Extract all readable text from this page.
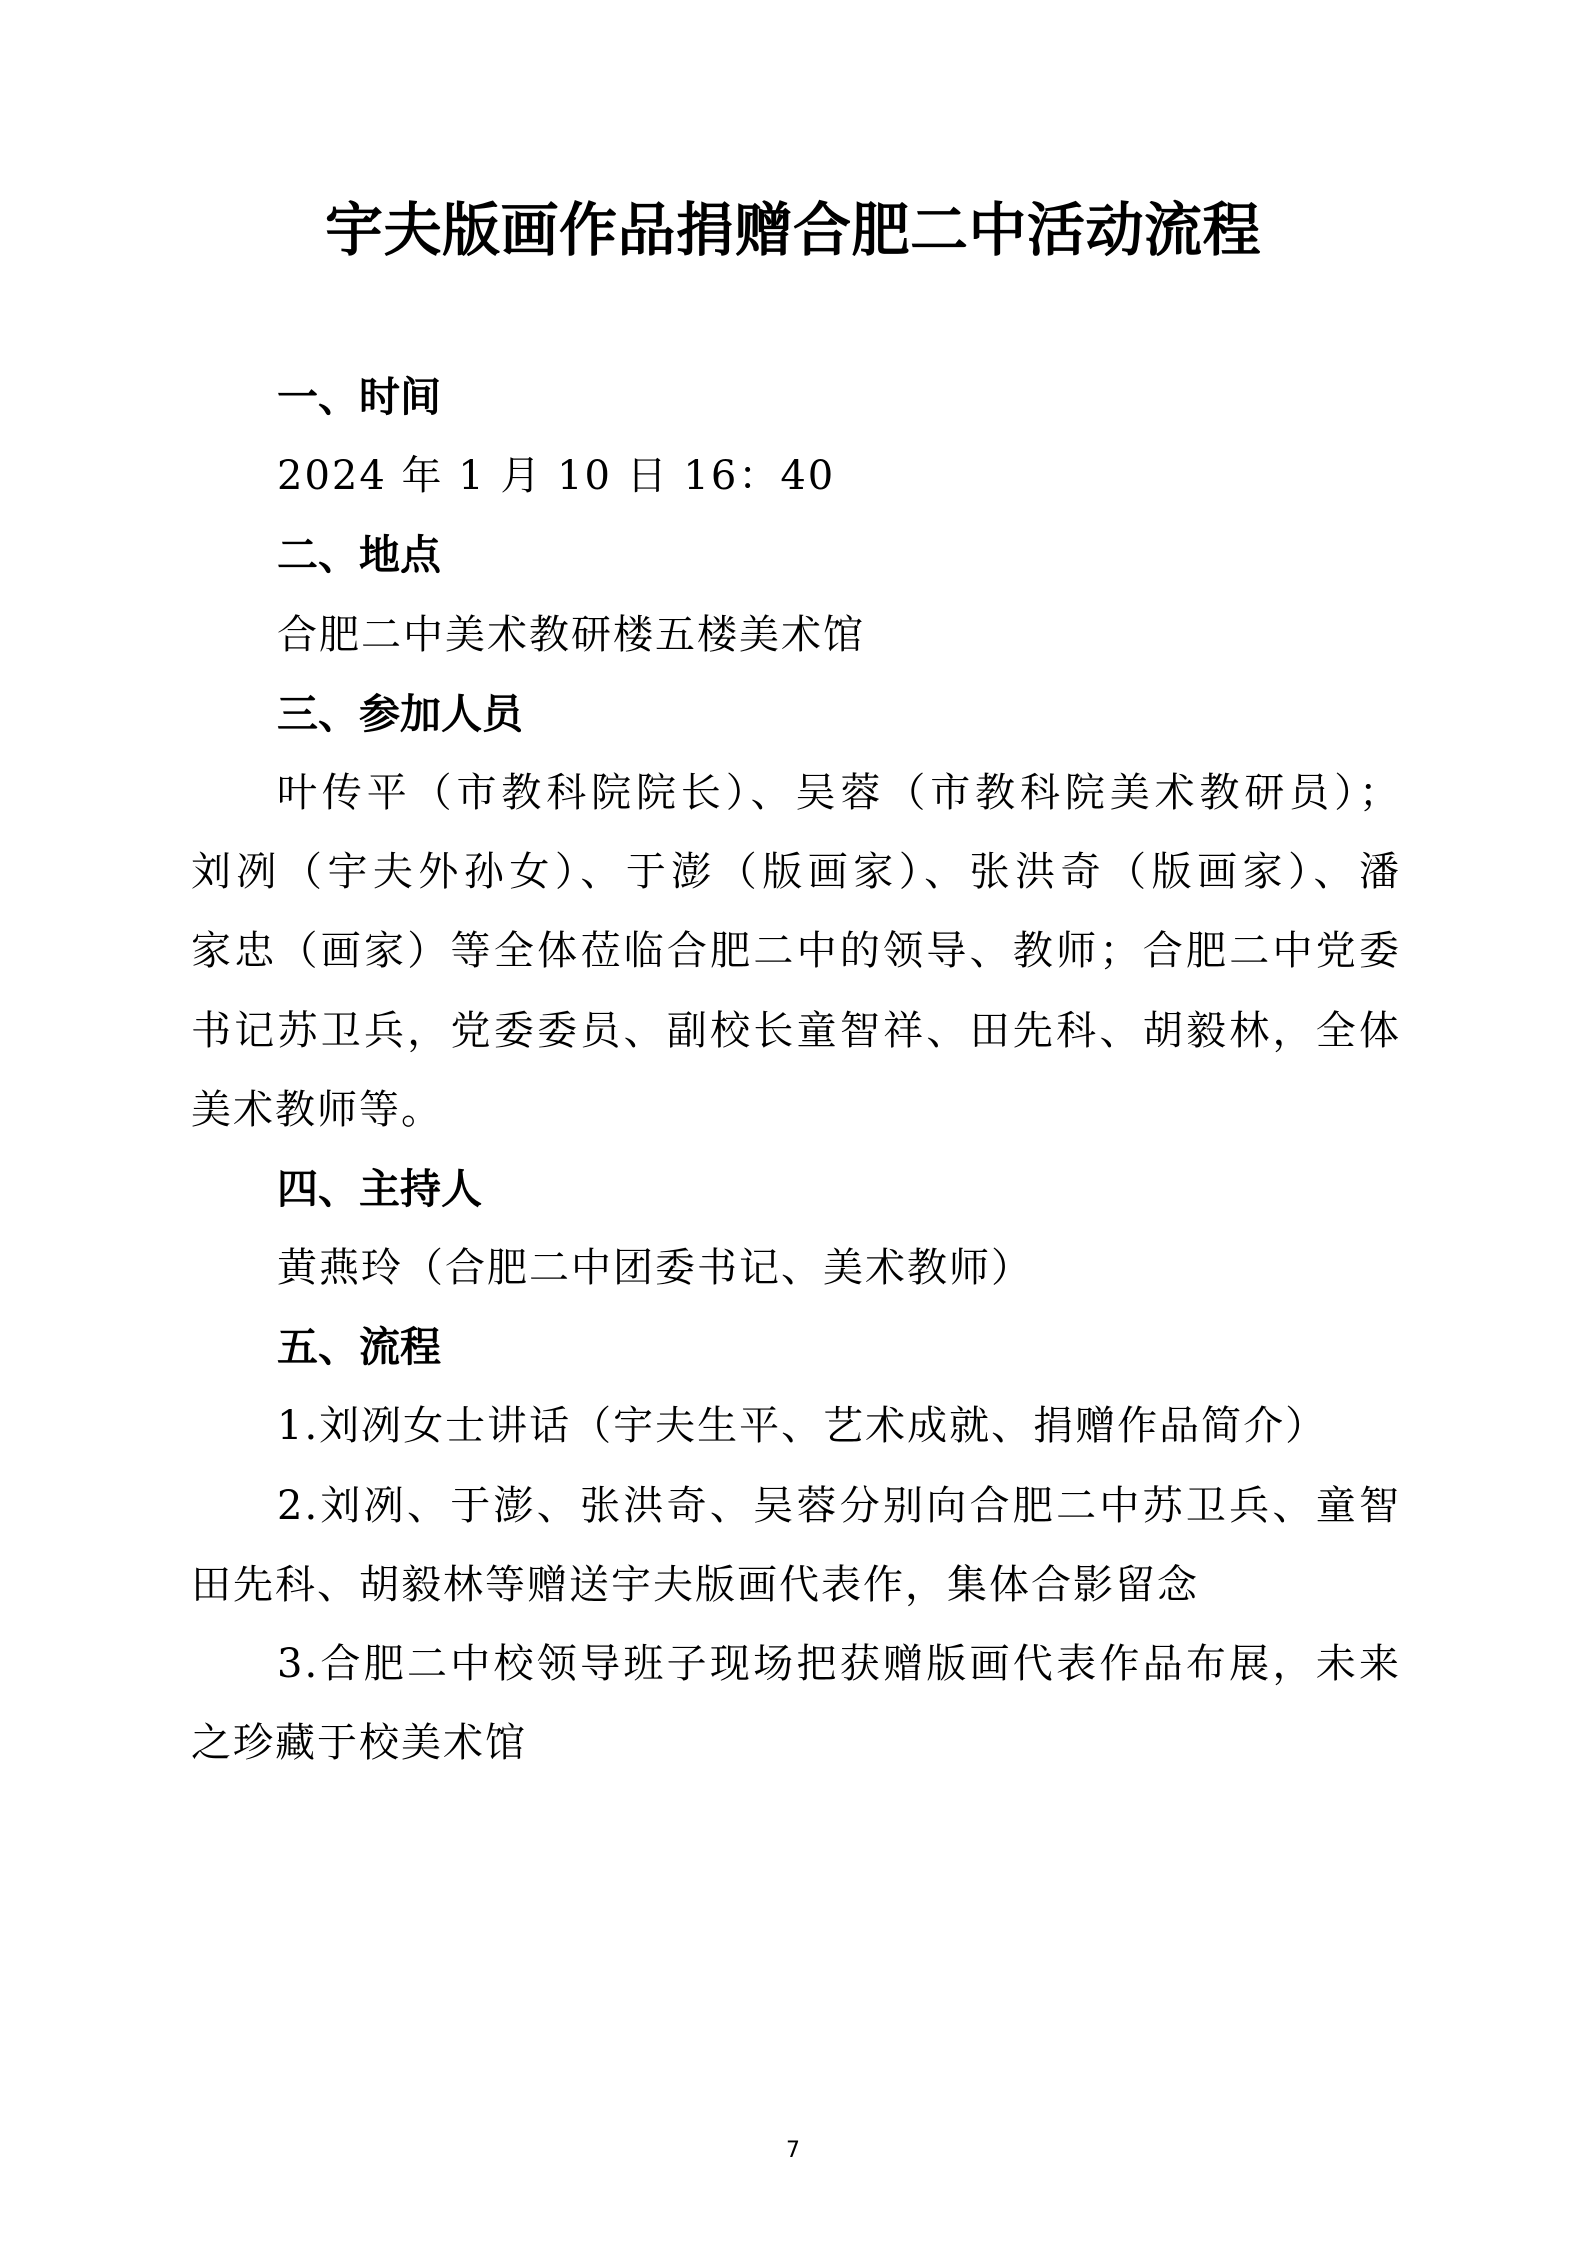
宇夫版画作品捐赠合肥二中活动流程
一、时间
2024 年 1 月 10 日 16：40
二、地点
合肥二中美术教研楼五楼美术馆
三、参加人员
叶传平（市教科院院长）、吴蓉（市教科院美术教研员）；
刘冽（宇夫外孙女）、于澎（版画家）、张洪奇（版画家）、潘
家忠（画家）等全体莅临合肥二中的领导、教师；合肥二中党委
书记苏卫兵，党委委员、副校长童智祥、田先科、胡毅林，全体
美术教师等。
四、主持人
黄燕玲（合肥二中团委书记、美术教师）
五、流程
1.刘冽女士讲话（宇夫生平、艺术成就、捐赠作品简介）
2.刘冽、于澎、张洪奇、吴蓉分别向合肥二中苏卫兵、童智
田先科、胡毅林等赠送宇夫版画代表作，集体合影留念
3.合肥二中校领导班子现场把获赠版画代表作品布展，未来
之珍藏于校美术馆
7
